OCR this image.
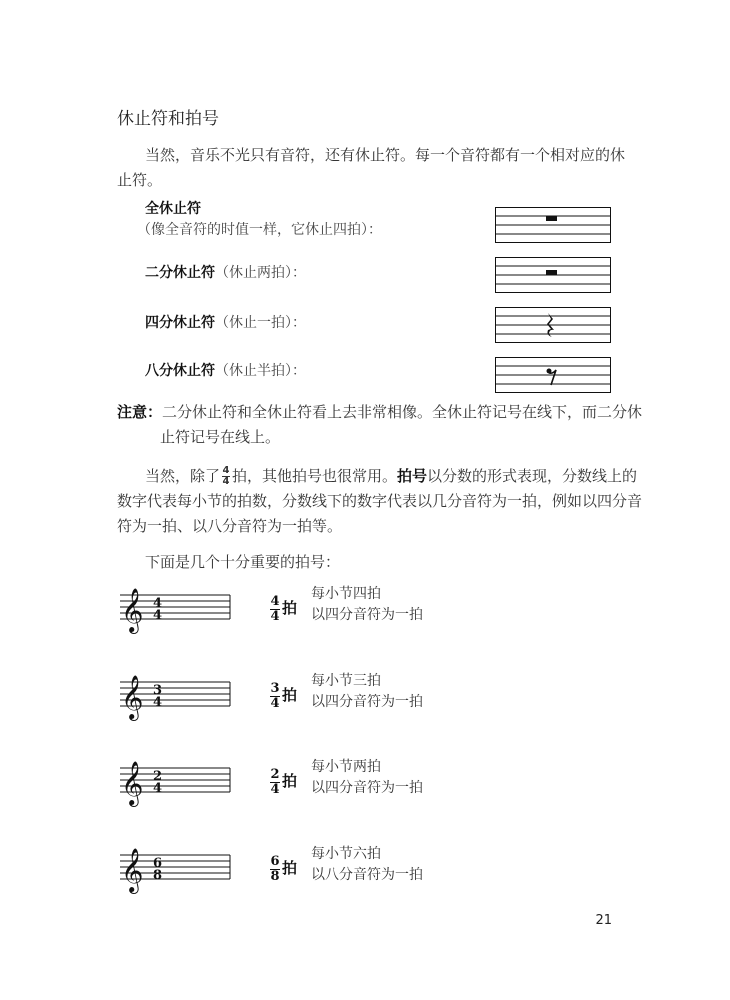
休止符和拍号
当然，音乐不光只有音符，还有休止符。每一个音符都有一个相对应的休
止符。
全休止符
（像全音符的时值一样，它休止四拍）：
二分休止符（休止两拍）：
四分休止符（休止一拍）：
八分休止符（休止半拍）：
注意：二分休止符和全休止符看上去非常相像。全休止符记号在线下，而二分休
止符记号在线上。
当然，除了 $\frac{4}{4}$ 拍，其他拍号也很常用。拍号以分数的形式表现，分数线上的
数字代表每小节的拍数，分数线下的数字代表以几分音符为一拍，例如以四分音
符为一拍、以八分音符为一拍等。
下面是几个十分重要的拍号：
𝄞 4
4
4
4 拍
每小节四拍
以四分音符为一拍
𝄞 3
4
3
4 拍
每小节三拍
以四分音符为一拍
𝄞 2
4
2
4 拍
每小节两拍
以四分音符为一拍
𝄞 6
8
6
8 拍
每小节六拍
以八分音符为一拍
21
